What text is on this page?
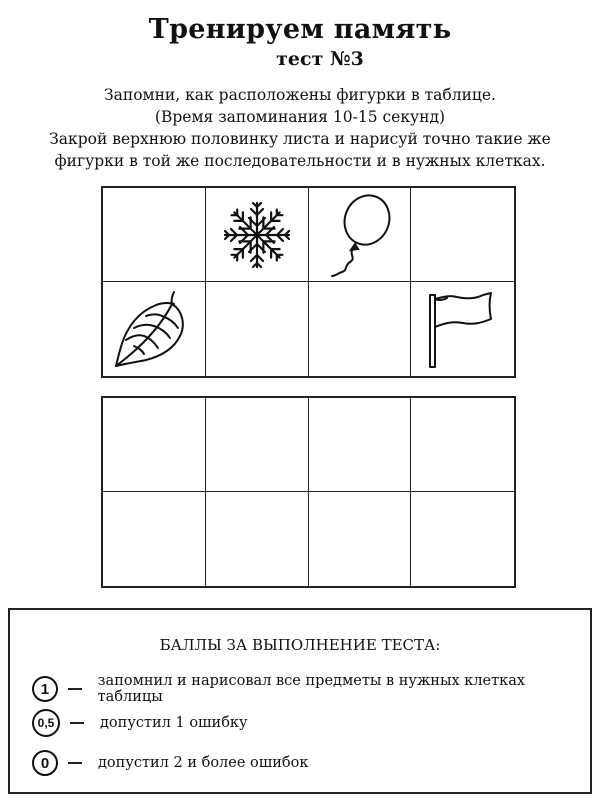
Тренируем память
тест №3
Запомни, как расположены фигурки в таблице.
(Время запоминания 10-15 секунд)
Закрой верхнюю половинку листа и нарисуй точно такие же
фигурки в той же последовательности и в нужных клетках.
БАЛЛЫ ЗА ВЫПОЛНЕНИЕ ТЕСТА:
1	запомнил и нарисовал все предметы в нужных клетках таблицы
0,5	допустил 1 ошибку
0	допустил 2 и более ошибок
